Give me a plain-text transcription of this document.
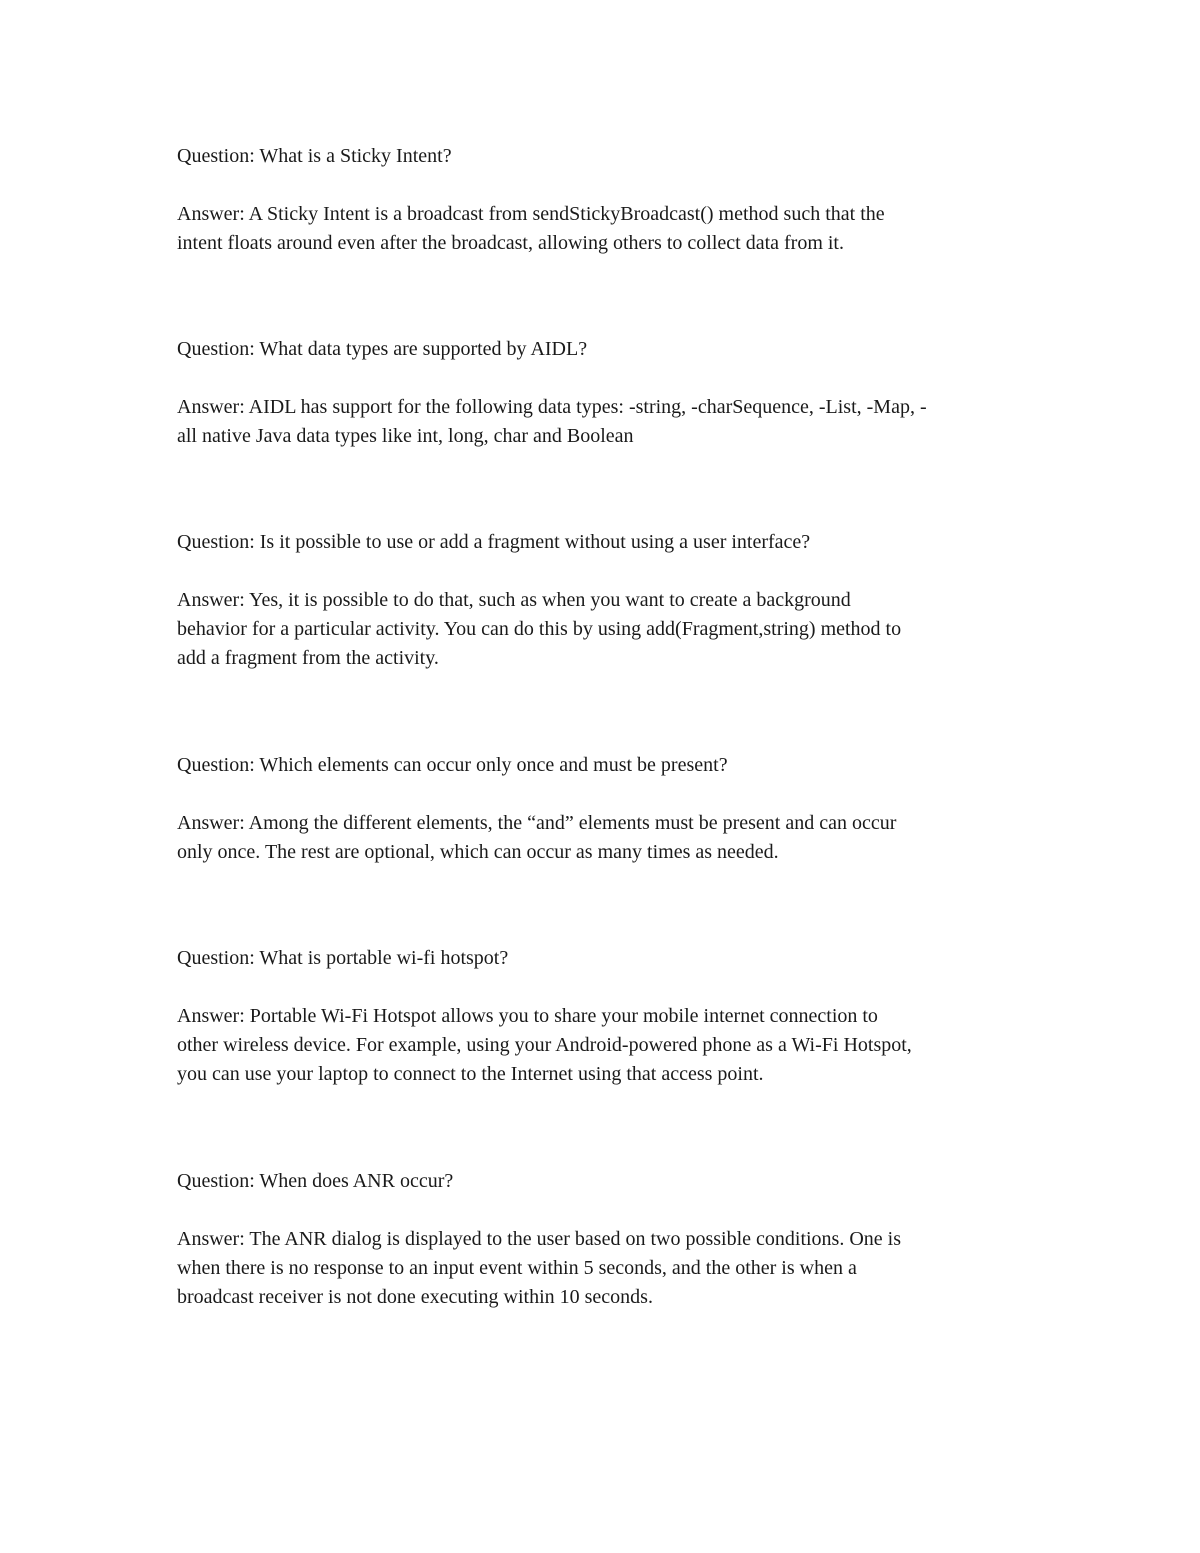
Question: What is a Sticky Intent?

Answer: A Sticky Intent is a broadcast from sendStickyBroadcast() method such that the

intent floats around even after the broadcast, allowing others to collect data from it.

Question: What data types are supported by AIDL?

Answer: AIDL has support for the following data types: -string, -charSequence, -List, -Map, -

all native Java data types like int, long, char and Boolean

Question: Is it possible to use or add a fragment without using a user interface?

Answer: Yes, it is possible to do that, such as when you want to create a background

behavior for a particular activity. You can do this by using add(Fragment,string) method to

add a fragment from the activity.

Question: Which elements can occur only once and must be present?

Answer: Among the different elements, the “and” elements must be present and can occur

only once. The rest are optional, which can occur as many times as needed.

Question: What is portable wi-fi hotspot?

Answer: Portable Wi-Fi Hotspot allows you to share your mobile internet connection to

other wireless device. For example, using your Android-powered phone as a Wi-Fi Hotspot,

you can use your laptop to connect to the Internet using that access point.

Question: When does ANR occur?

Answer: The ANR dialog is displayed to the user based on two possible conditions. One is

when there is no response to an input event within 5 seconds, and the other is when a

broadcast receiver is not done executing within 10 seconds.
